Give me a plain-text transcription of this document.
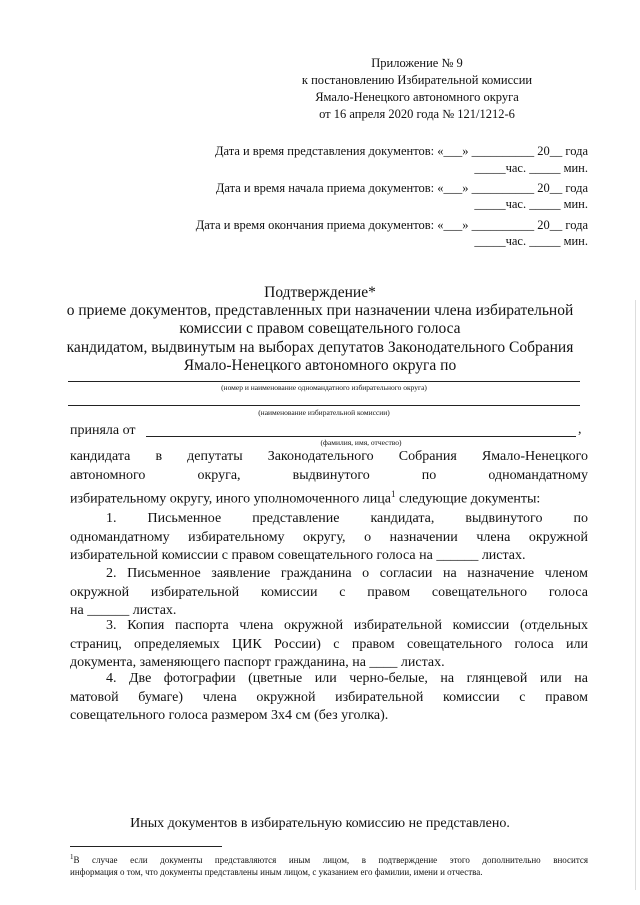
Приложение № 9
к постановлению Избирательной комиссии
Ямало-Ненецкого автономного округа
от 16 апреля 2020 года № 121/1212-6
Дата и время представления документов: «___» __________ 20__ года
_____час. _____ мин.
Дата и время начала приема документов: «___» __________ 20__ года
_____час. _____ мин.
Дата и время окончания приема документов: «___» __________ 20__ года
_____час. _____ мин.
Подтверждение*
о приеме документов, представленных при назначении члена избирательной
комиссии с правом совещательного голоса
кандидатом, выдвинутым на выборах депутатов Законодательного Собрания
Ямало-Ненецкого автономного округа по
(номер и наименование одномандатного избирательного округа)
(наименование избирательной комиссии)
приняла от	,
(фамилия, имя, отчество)
кандидата в депутаты Законодательного Собрания Ямало-Ненецкого
автономного округа, выдвинутого по одномандатному
избирательному округу, иного уполномоченного лица$^1$ следующие документы:
1. Письменное представление кандидата, выдвинутого по
одномандатному избирательному округу, о назначении члена окружной
избирательной комиссии с правом совещательного голоса на ______ листах.
2. Письменное заявление гражданина о согласии на назначение членом
окружной избирательной комиссии с правом совещательного голоса
на ______ листах.
3. Копия паспорта члена окружной избирательной комиссии (отдельных
страниц, определяемых ЦИК России) с правом совещательного голоса или
документа, заменяющего паспорт гражданина, на ____ листах.
4. Две фотографии (цветные или черно-белые, на глянцевой или на
матовой бумаге) члена окружной избирательной комиссии с правом
совещательного голоса размером 3х4 см (без уголка).
Иных документов в избирательную комиссию не представлено.
$^1$В случае если документы представляются иным лицом, в подтверждение этого дополнительно вносится
информация о том, что документы представлены иным лицом, с указанием его фамилии, имени и отчества.
